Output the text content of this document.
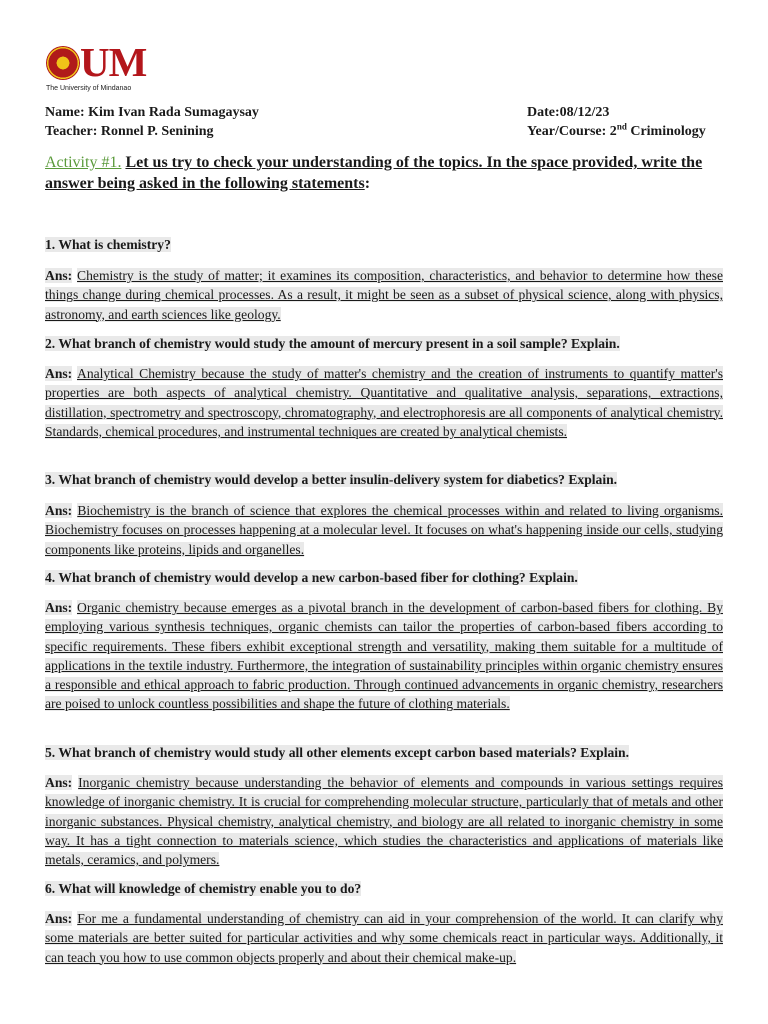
UM
The University of Mindanao
Name: Kim Ivan Rada Sumagaysay
Teacher: Ronnel P. Senining
Date:08/12/23
Year/Course: 2nd Criminology
Activity #1. Let us try to check your understanding of the topics. In the space provided, write the answer being asked in the following statements:
1. What is chemistry?
Ans: Chemistry is the study of matter; it examines its composition, characteristics, and behavior to determine how these things change during chemical processes. As a result, it might be seen as a subset of physical science, along with physics, astronomy, and earth sciences like geology.
2. What branch of chemistry would study the amount of mercury present in a soil sample? Explain.
Ans: Analytical Chemistry because the study of matter's chemistry and the creation of instruments to quantify matter's properties are both aspects of analytical chemistry. Quantitative and qualitative analysis, separations, extractions, distillation, spectrometry and spectroscopy, chromatography, and electrophoresis are all components of analytical chemistry. Standards, chemical procedures, and instrumental techniques are created by analytical chemists.
3. What branch of chemistry would develop a better insulin-delivery system for diabetics? Explain.
Ans: Biochemistry is the branch of science that explores the chemical processes within and related to living organisms. Biochemistry focuses on processes happening at a molecular level. It focuses on what's happening inside our cells, studying components like proteins, lipids and organelles.
4. What branch of chemistry would develop a new carbon-based fiber for clothing? Explain.
Ans: Organic chemistry because emerges as a pivotal branch in the development of carbon-based fibers for clothing. By employing various synthesis techniques, organic chemists can tailor the properties of carbon-based fibers according to specific requirements. These fibers exhibit exceptional strength and versatility, making them suitable for a multitude of applications in the textile industry. Furthermore, the integration of sustainability principles within organic chemistry ensures a responsible and ethical approach to fabric production. Through continued advancements in organic chemistry, researchers are poised to unlock countless possibilities and shape the future of clothing materials.
5. What branch of chemistry would study all other elements except carbon based materials? Explain.
Ans: Inorganic chemistry because understanding the behavior of elements and compounds in various settings requires knowledge of inorganic chemistry. It is crucial for comprehending molecular structure, particularly that of metals and other inorganic substances. Physical chemistry, analytical chemistry, and biology are all related to inorganic chemistry in some way. It has a tight connection to materials science, which studies the characteristics and applications of materials like metals, ceramics, and polymers.
6. What will knowledge of chemistry enable you to do?
Ans: For me a fundamental understanding of chemistry can aid in your comprehension of the world. It can clarify why some materials are better suited for particular activities and why some chemicals react in particular ways. Additionally, it can teach you how to use common objects properly and about their chemical make-up.
